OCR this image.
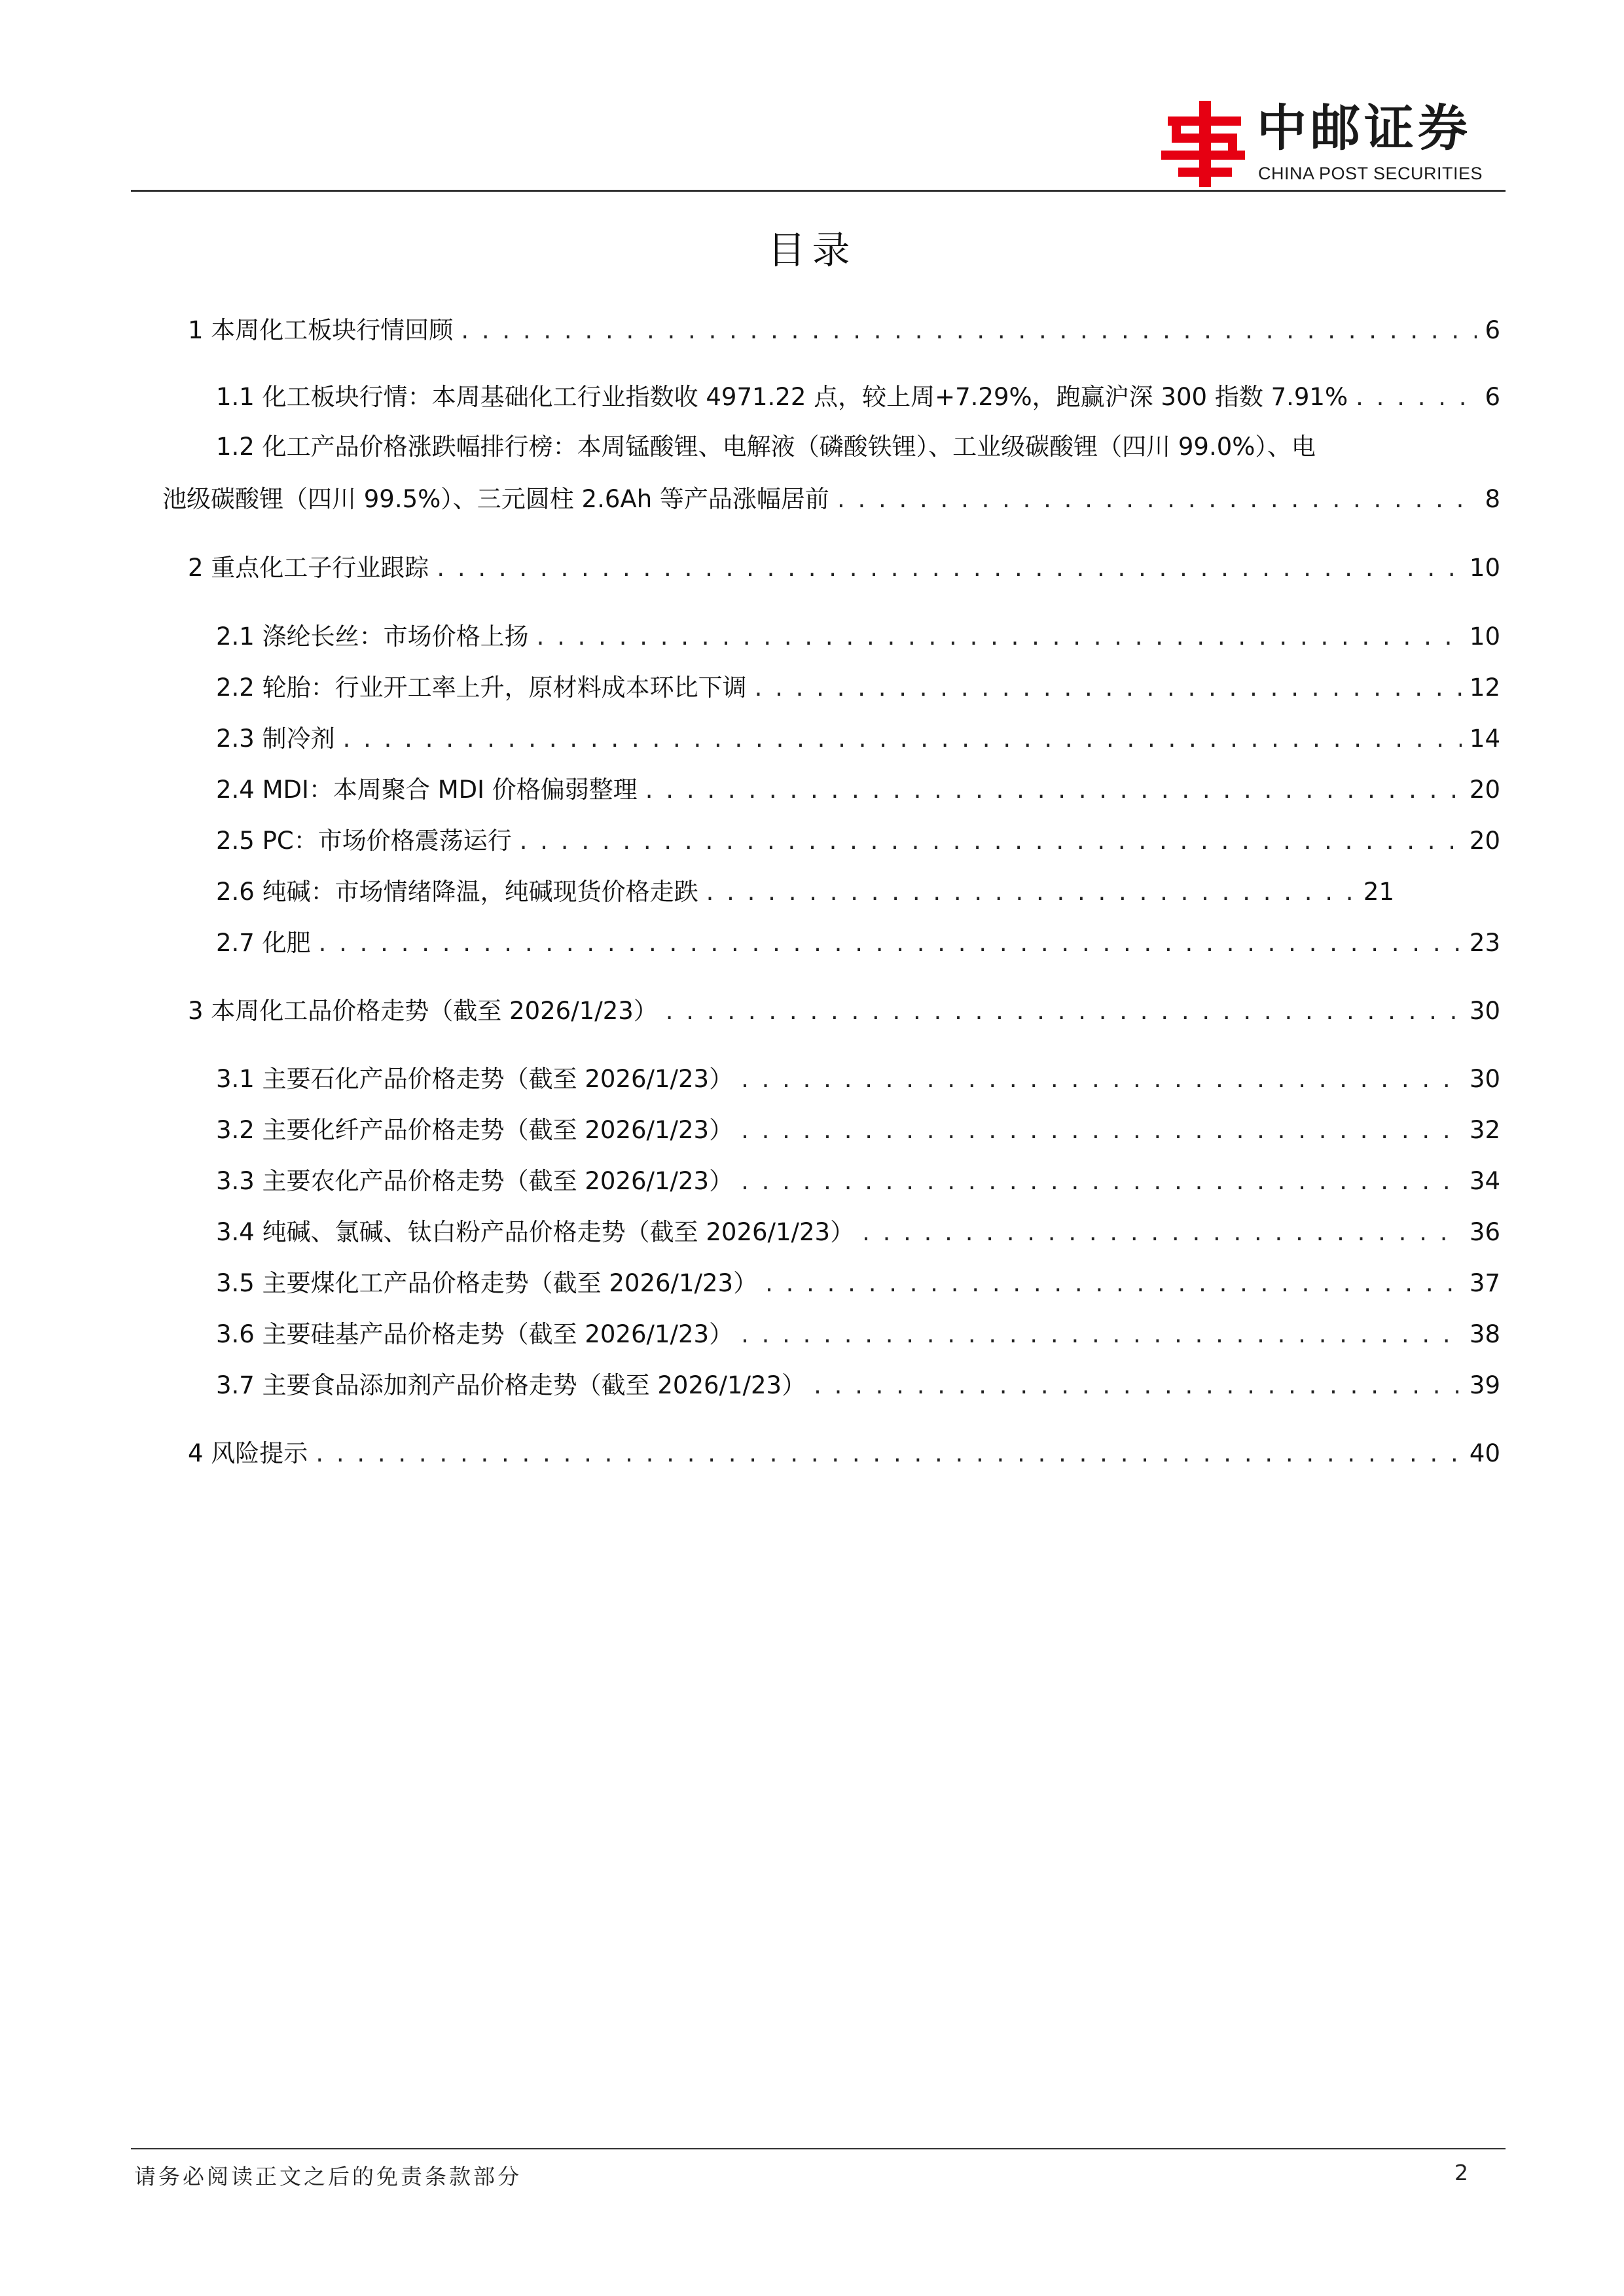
中邮证券
CHINA POST SECURITIES
目录
1 本周化工板块行情回顾 . . .	6
1.1 化工板块行情：本周基础化工行业指数收 4971.22 点，较上周+7.29%，跑赢沪深 300 指数 7.91% . . .	6
1.2 化工产品价格涨跌幅排行榜：本周锰酸锂、电解液（磷酸铁锂）、工业级碳酸锂（四川 99.0%）、电
池级碳酸锂（四川 99.5%）、三元圆柱 2.6Ah 等产品涨幅居前 . . .	8
2 重点化工子行业跟踪 . . .	10
2.1 涤纶长丝：市场价格上扬 . . .	10
2.2 轮胎：行业开工率上升，原材料成本环比下调 . . .	12
2.3 制冷剂 . . .	14
2.4 MDI：本周聚合 MDI 价格偏弱整理 . . .	20
2.5 PC：市场价格震荡运行 . . .	20
2.6 纯碱：市场情绪降温，纯碱现货价格走跌 . . .	21
2.7 化肥 . . .	23
3 本周化工品价格走势（截至 2026/1/23） . . .	30
3.1 主要石化产品价格走势（截至 2026/1/23） . . .	30
3.2 主要化纤产品价格走势（截至 2026/1/23） . . .	32
3.3 主要农化产品价格走势（截至 2026/1/23） . . .	34
3.4 纯碱、氯碱、钛白粉产品价格走势（截至 2026/1/23） . . .	36
3.5 主要煤化工产品价格走势（截至 2026/1/23） . . .	37
3.6 主要硅基产品价格走势（截至 2026/1/23） . . .	38
3.7 主要食品添加剂产品价格走势（截至 2026/1/23） . . .	39
4 风险提示 . . .	40
请务必阅读正文之后的免责条款部分	2
